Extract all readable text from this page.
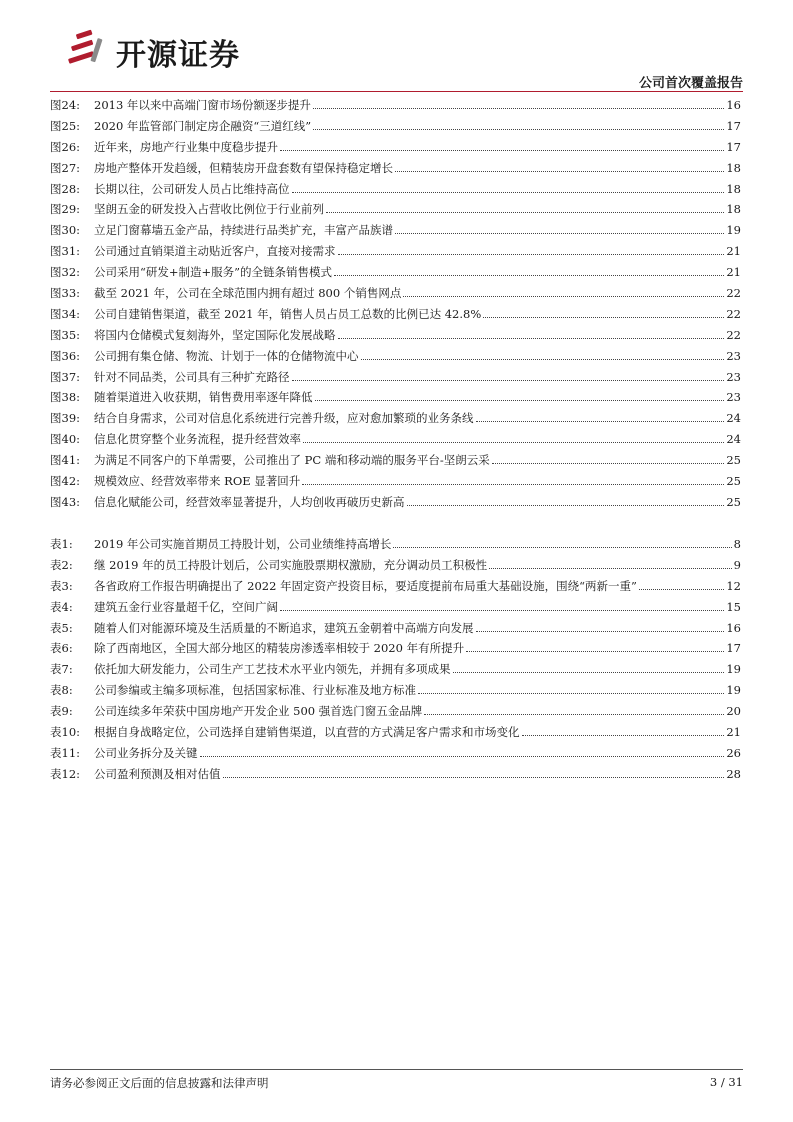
开源证券
公司首次覆盖报告
图24:	2013 年以来中高端门窗市场份额逐步提升	16
图25:	2020 年监管部门制定房企融资“三道红线”	17
图26:	近年来，房地产行业集中度稳步提升	17
图27:	房地产整体开发趋缓，但精装房开盘套数有望保持稳定增长	18
图28:	长期以往，公司研发人员占比维持高位	18
图29:	坚朗五金的研发投入占营收比例位于行业前列	18
图30:	立足门窗幕墙五金产品，持续进行品类扩充，丰富产品族谱	19
图31:	公司通过直销渠道主动贴近客户，直接对接需求	21
图32:	公司采用“研发+制造+服务”的全链条销售模式	21
图33:	截至 2021 年，公司在全球范围内拥有超过 800 个销售网点	22
图34:	公司自建销售渠道，截至 2021 年，销售人员占员工总数的比例已达 42.8%	22
图35:	将国内仓储模式复刻海外，坚定国际化发展战略	22
图36:	公司拥有集仓储、物流、计划于一体的仓储物流中心	23
图37:	针对不同品类，公司具有三种扩充路径	23
图38:	随着渠道进入收获期，销售费用率逐年降低	23
图39:	结合自身需求，公司对信息化系统进行完善升级，应对愈加繁琐的业务条线	24
图40:	信息化贯穿整个业务流程，提升经营效率	24
图41:	为满足不同客户的下单需要，公司推出了 PC 端和移动端的服务平台-坚朗云采	25
图42:	规模效应、经营效率带来 ROE 显著回升	25
图43:	信息化赋能公司，经营效率显著提升，人均创收再破历史新高	25
表1:	2019 年公司实施首期员工持股计划，公司业绩维持高增长	8
表2:	继 2019 年的员工持股计划后，公司实施股票期权激励，充分调动员工积极性	9
表3:	各省政府工作报告明确提出了 2022 年固定资产投资目标，要适度提前布局重大基础设施，围绕“两新一重”	12
表4:	建筑五金行业容量超千亿，空间广阔	15
表5:	随着人们对能源环境及生活质量的不断追求，建筑五金朝着中高端方向发展	16
表6:	除了西南地区，全国大部分地区的精装房渗透率相较于 2020 年有所提升	17
表7:	依托加大研发能力，公司生产工艺技术水平业内领先，并拥有多项成果	19
表8:	公司参编或主编多项标准，包括国家标准、行业标准及地方标准	19
表9:	公司连续多年荣获中国房地产开发企业 500 强首选门窗五金品牌	20
表10:	根据自身战略定位，公司选择自建销售渠道，以直营的方式满足客户需求和市场变化	21
表11:	公司业务拆分及关键	26
表12:	公司盈利预测及相对估值	28
请务必参阅正文后面的信息披露和法律声明	3 / 31
